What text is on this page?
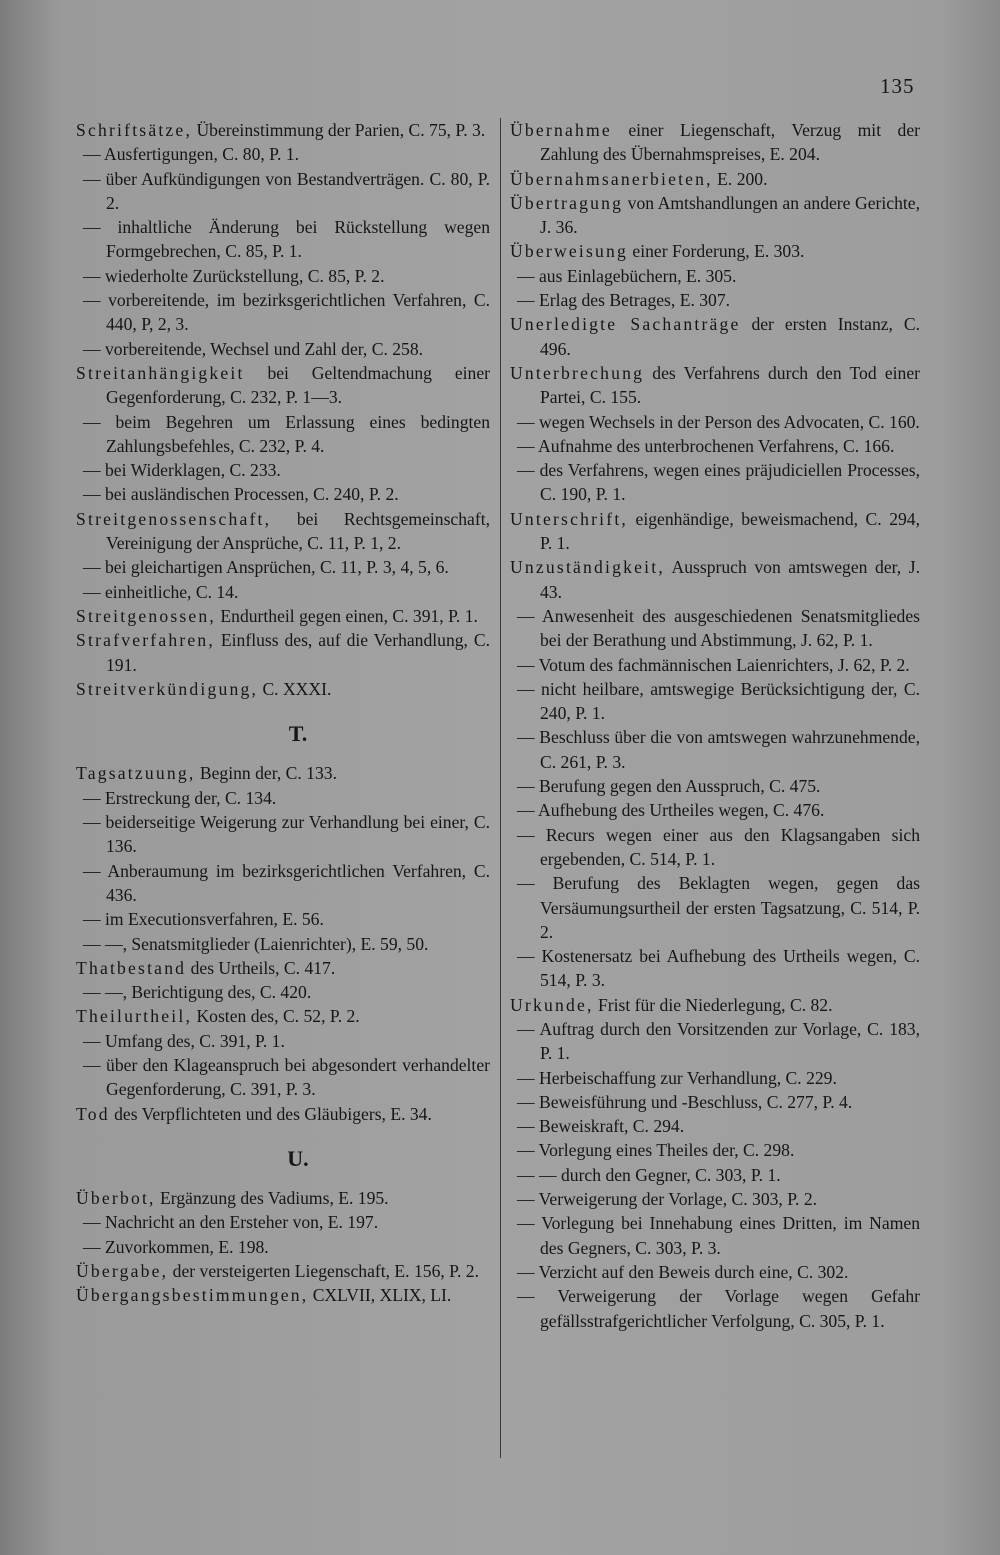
135
Schriftsätze, Übereinstimmung der Parien, C. 75, P. 3.
— Ausfertigungen, C. 80, P. 1.
— über Aufkündigungen von Bestandverträgen. C. 80, P. 2.
— inhaltliche Änderung bei Rückstellung wegen Formgebrechen, C. 85, P. 1.
— wiederholte Zurückstellung, C. 85, P. 2.
— vorbereitende, im bezirksgerichtlichen Verfahren, C. 440, P, 2, 3.
— vorbereitende, Wechsel und Zahl der, C. 258.
Streitanhängigkeit bei Geltendmachung einer Gegenforderung, C. 232, P. 1—3.
— beim Begehren um Erlassung eines bedingten Zahlungsbefehles, C. 232, P. 4.
— bei Widerklagen, C. 233.
— bei ausländischen Processen, C. 240, P. 2.
Streitgenossenschaft, bei Rechtsgemeinschaft, Vereinigung der Ansprüche, C. 11, P. 1, 2.
— bei gleichartigen Ansprüchen, C. 11, P. 3, 4, 5, 6.
— einheitliche, C. 14.
Streitgenossen, Endurtheil gegen einen, C. 391, P. 1.
Strafverfahren, Einfluss des, auf die Verhandlung, C. 191.
Streitverkündigung, C. XXXI.
T.
Tagsatzuung, Beginn der, C. 133.
— Erstreckung der, C. 134.
— beiderseitige Weigerung zur Verhandlung bei einer, C. 136.
— Anberaumung im bezirksgerichtlichen Verfahren, C. 436.
— im Executionsverfahren, E. 56.
— —, Senatsmitglieder (Laienrichter), E. 59, 50.
Thatbestand des Urtheils, C. 417.
— —, Berichtigung des, C. 420.
Theilurtheil, Kosten des, C. 52, P. 2.
— Umfang des, C. 391, P. 1.
— über den Klageanspruch bei abgesondert verhandelter Gegenforderung, C. 391, P. 3.
Tod des Verpflichteten und des Gläubigers, E. 34.
U.
Überbot, Ergänzung des Vadiums, E. 195.
— Nachricht an den Ersteher von, E. 197.
— Zuvorkommen, E. 198.
Übergabe, der versteigerten Liegenschaft, E. 156, P. 2.
Übergangsbestimmungen, CXLVII, XLIX, LI.
Übernahme einer Liegenschaft, Verzug mit der Zahlung des Übernahmspreises, E. 204.
Übernahmsanerbieten, E. 200.
Übertragung von Amtshandlungen an andere Gerichte, J. 36.
Überweisung einer Forderung, E. 303.
— aus Einlagebüchern, E. 305.
— Erlag des Betrages, E. 307.
Unerledigte Sachanträge der ersten Instanz, C. 496.
Unterbrechung des Verfahrens durch den Tod einer Partei, C. 155.
— wegen Wechsels in der Person des Advocaten, C. 160.
— Aufnahme des unterbrochenen Verfahrens, C. 166.
— des Verfahrens, wegen eines präjudiciellen Processes, C. 190, P. 1.
Unterschrift, eigenhändige, beweismachend, C. 294, P. 1.
Unzuständigkeit, Ausspruch von amtswegen der, J. 43.
— Anwesenheit des ausgeschiedenen Senatsmitgliedes bei der Berathung und Abstimmung, J. 62, P. 1.
— Votum des fachmännischen Laienrichters, J. 62, P. 2.
— nicht heilbare, amtswegige Berücksichtigung der, C. 240, P. 1.
— Beschluss über die von amtswegen wahrzunehmende, C. 261, P. 3.
— Berufung gegen den Ausspruch, C. 475.
— Aufhebung des Urtheiles wegen, C. 476.
— Recurs wegen einer aus den Klagsangaben sich ergebenden, C. 514, P. 1.
— Berufung des Beklagten wegen, gegen das Versäumungsurtheil der ersten Tagsatzung, C. 514, P. 2.
— Kostenersatz bei Aufhebung des Urtheils wegen, C. 514, P. 3.
Urkunde, Frist für die Niederlegung, C. 82.
— Auftrag durch den Vorsitzenden zur Vorlage, C. 183, P. 1.
— Herbeischaffung zur Verhandlung, C. 229.
— Beweisführung und -Beschluss, C. 277, P. 4.
— Beweiskraft, C. 294.
— Vorlegung eines Theiles der, C. 298.
— — durch den Gegner, C. 303, P. 1.
— Verweigerung der Vorlage, C. 303, P. 2.
— Vorlegung bei Innehabung eines Dritten, im Namen des Gegners, C. 303, P. 3.
— Verzicht auf den Beweis durch eine, C. 302.
— Verweigerung der Vorlage wegen Gefahr gefällsstrafgerichtlicher Verfolgung, C. 305, P. 1.
